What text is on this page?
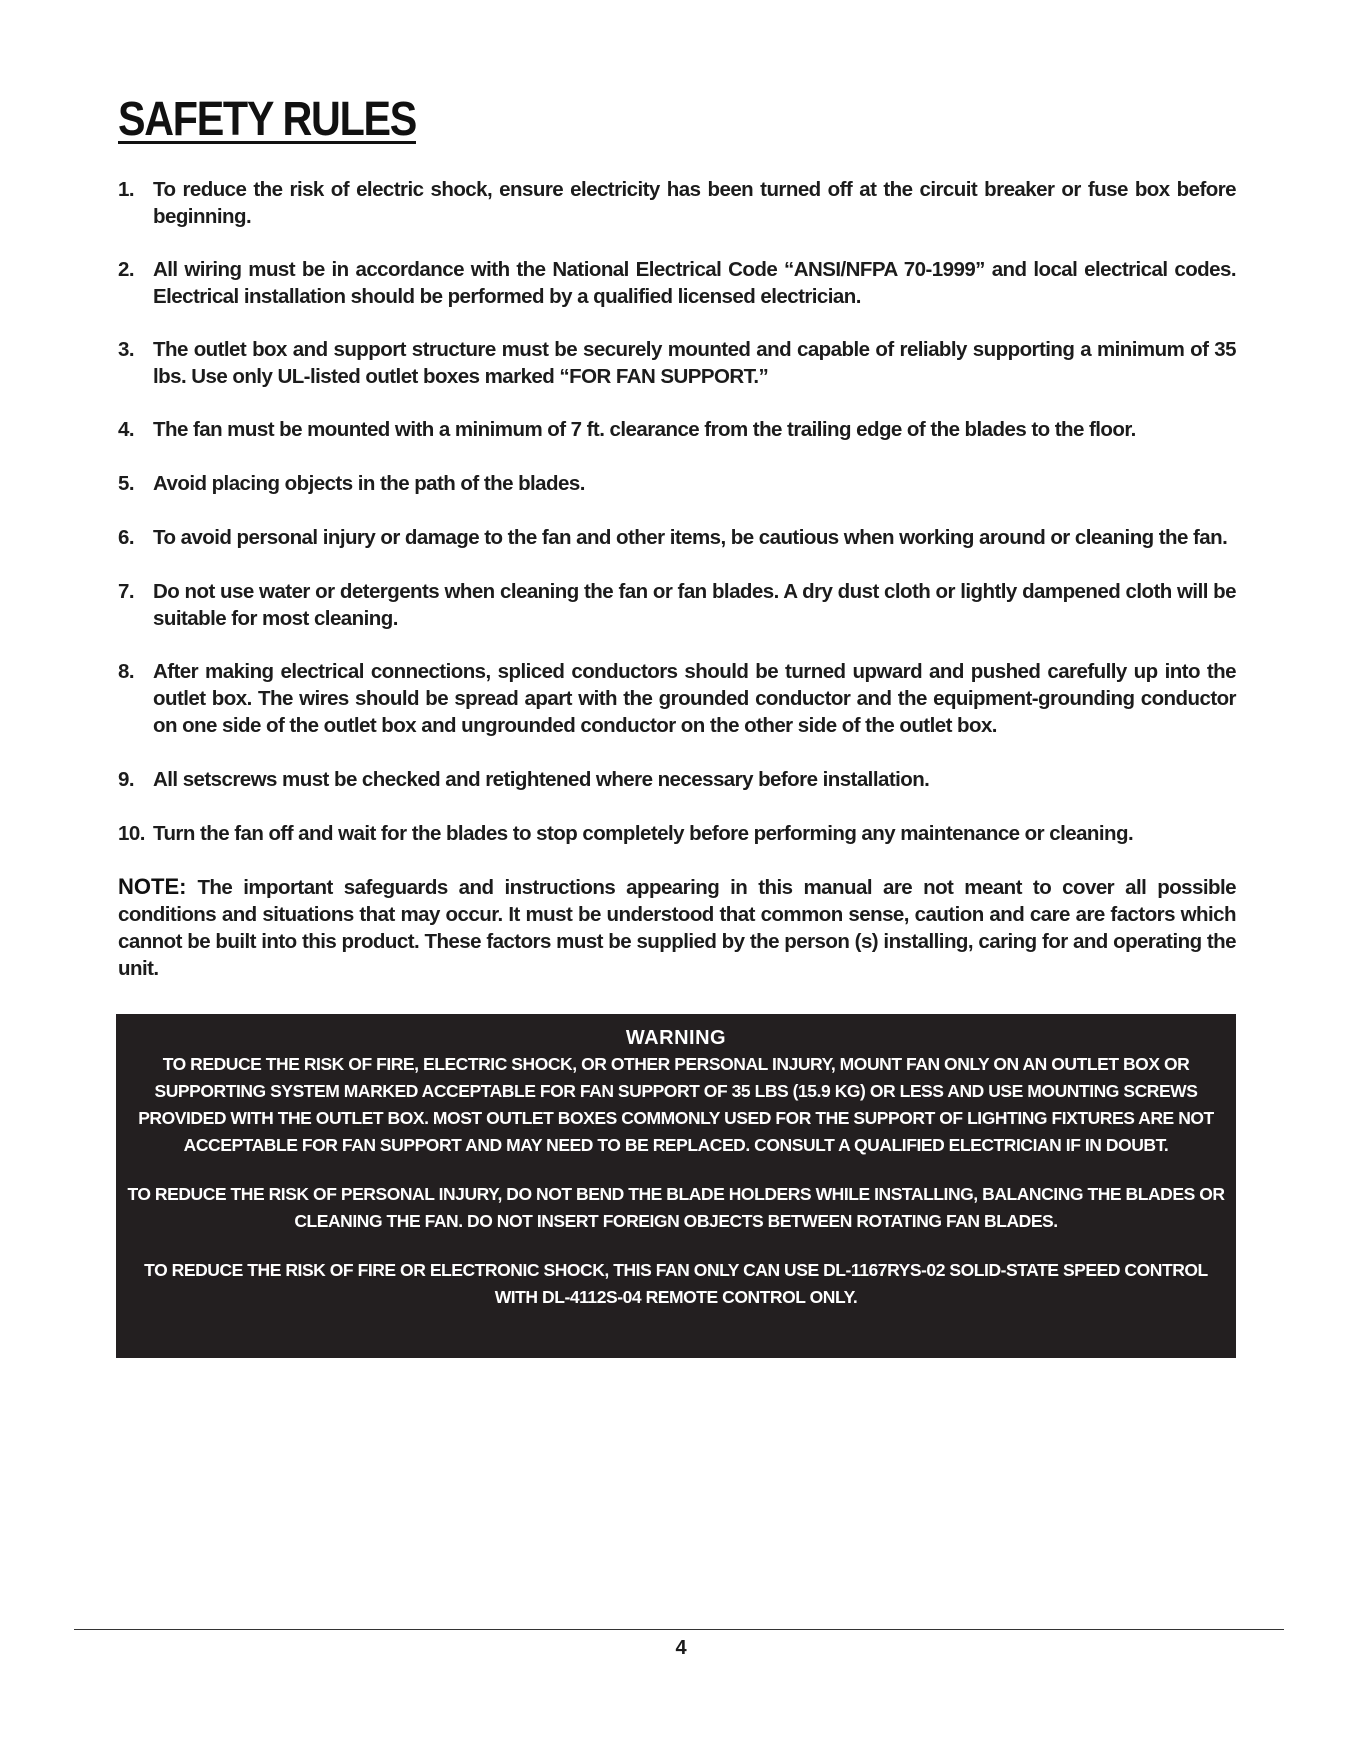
SAFETY RULES
1. To reduce the risk of electric shock, ensure electricity has been turned off at the circuit breaker or fuse box before beginning.
2. All wiring must be in accordance with the National Electrical Code “ANSI/NFPA 70-1999” and local electrical codes. Electrical installation should be performed by a qualified licensed electrician.
3. The outlet box and support structure must be securely mounted and capable of reliably supporting a minimum of 35 lbs. Use only UL-listed outlet boxes marked “FOR FAN SUPPORT.”
4. The fan must be mounted with a minimum of 7 ft. clearance from the trailing edge of the blades to the floor.
5. Avoid placing objects in the path of the blades.
6. To avoid personal injury or damage to the fan and other items, be cautious when working around or cleaning the fan.
7. Do not use water or detergents when cleaning the fan or fan blades. A dry dust cloth or lightly dampened cloth will be suitable for most cleaning.
8. After making electrical connections, spliced conductors should be turned upward and pushed carefully up into the outlet box. The wires should be spread apart with the grounded conductor and the equipment-grounding conductor on one side of the outlet box and ungrounded conductor on the other side of the outlet box.
9. All setscrews must be checked and retightened where necessary before installation.
10. Turn the fan off and wait for the blades to stop completely before performing any maintenance or cleaning.

NOTE: The important safeguards and instructions appearing in this manual are not meant to cover all possible conditions and situations that may occur. It must be understood that common sense, caution and care are factors which cannot be built into this product. These factors must be supplied by the person (s) installing, caring for and operating the unit.

WARNING

TO REDUCE THE RISK OF FIRE, ELECTRIC SHOCK, OR OTHER PERSONAL INJURY, MOUNT FAN ONLY ON AN OUTLET BOX OR SUPPORTING SYSTEM MARKED ACCEPTABLE FOR FAN SUPPORT OF 35 LBS (15.9 KG) OR LESS AND USE MOUNTING SCREWS PROVIDED WITH THE OUTLET BOX. MOST OUTLET BOXES COMMONLY USED FOR THE SUPPORT OF LIGHTING FIXTURES ARE NOT ACCEPTABLE FOR FAN SUPPORT AND MAY NEED TO BE REPLACED. CONSULT A QUALIFIED ELECTRICIAN IF IN DOUBT.

TO REDUCE THE RISK OF PERSONAL INJURY, DO NOT BEND THE BLADE HOLDERS WHILE INSTALLING, BALANCING THE BLADES OR CLEANING THE FAN. DO NOT INSERT FOREIGN OBJECTS BETWEEN ROTATING FAN BLADES.

TO REDUCE THE RISK OF FIRE OR ELECTRONIC SHOCK, THIS FAN ONLY CAN USE DL-1167RYS-02 SOLID-STATE SPEED CONTROL WITH DL-4112S-04 REMOTE CONTROL ONLY.

4
